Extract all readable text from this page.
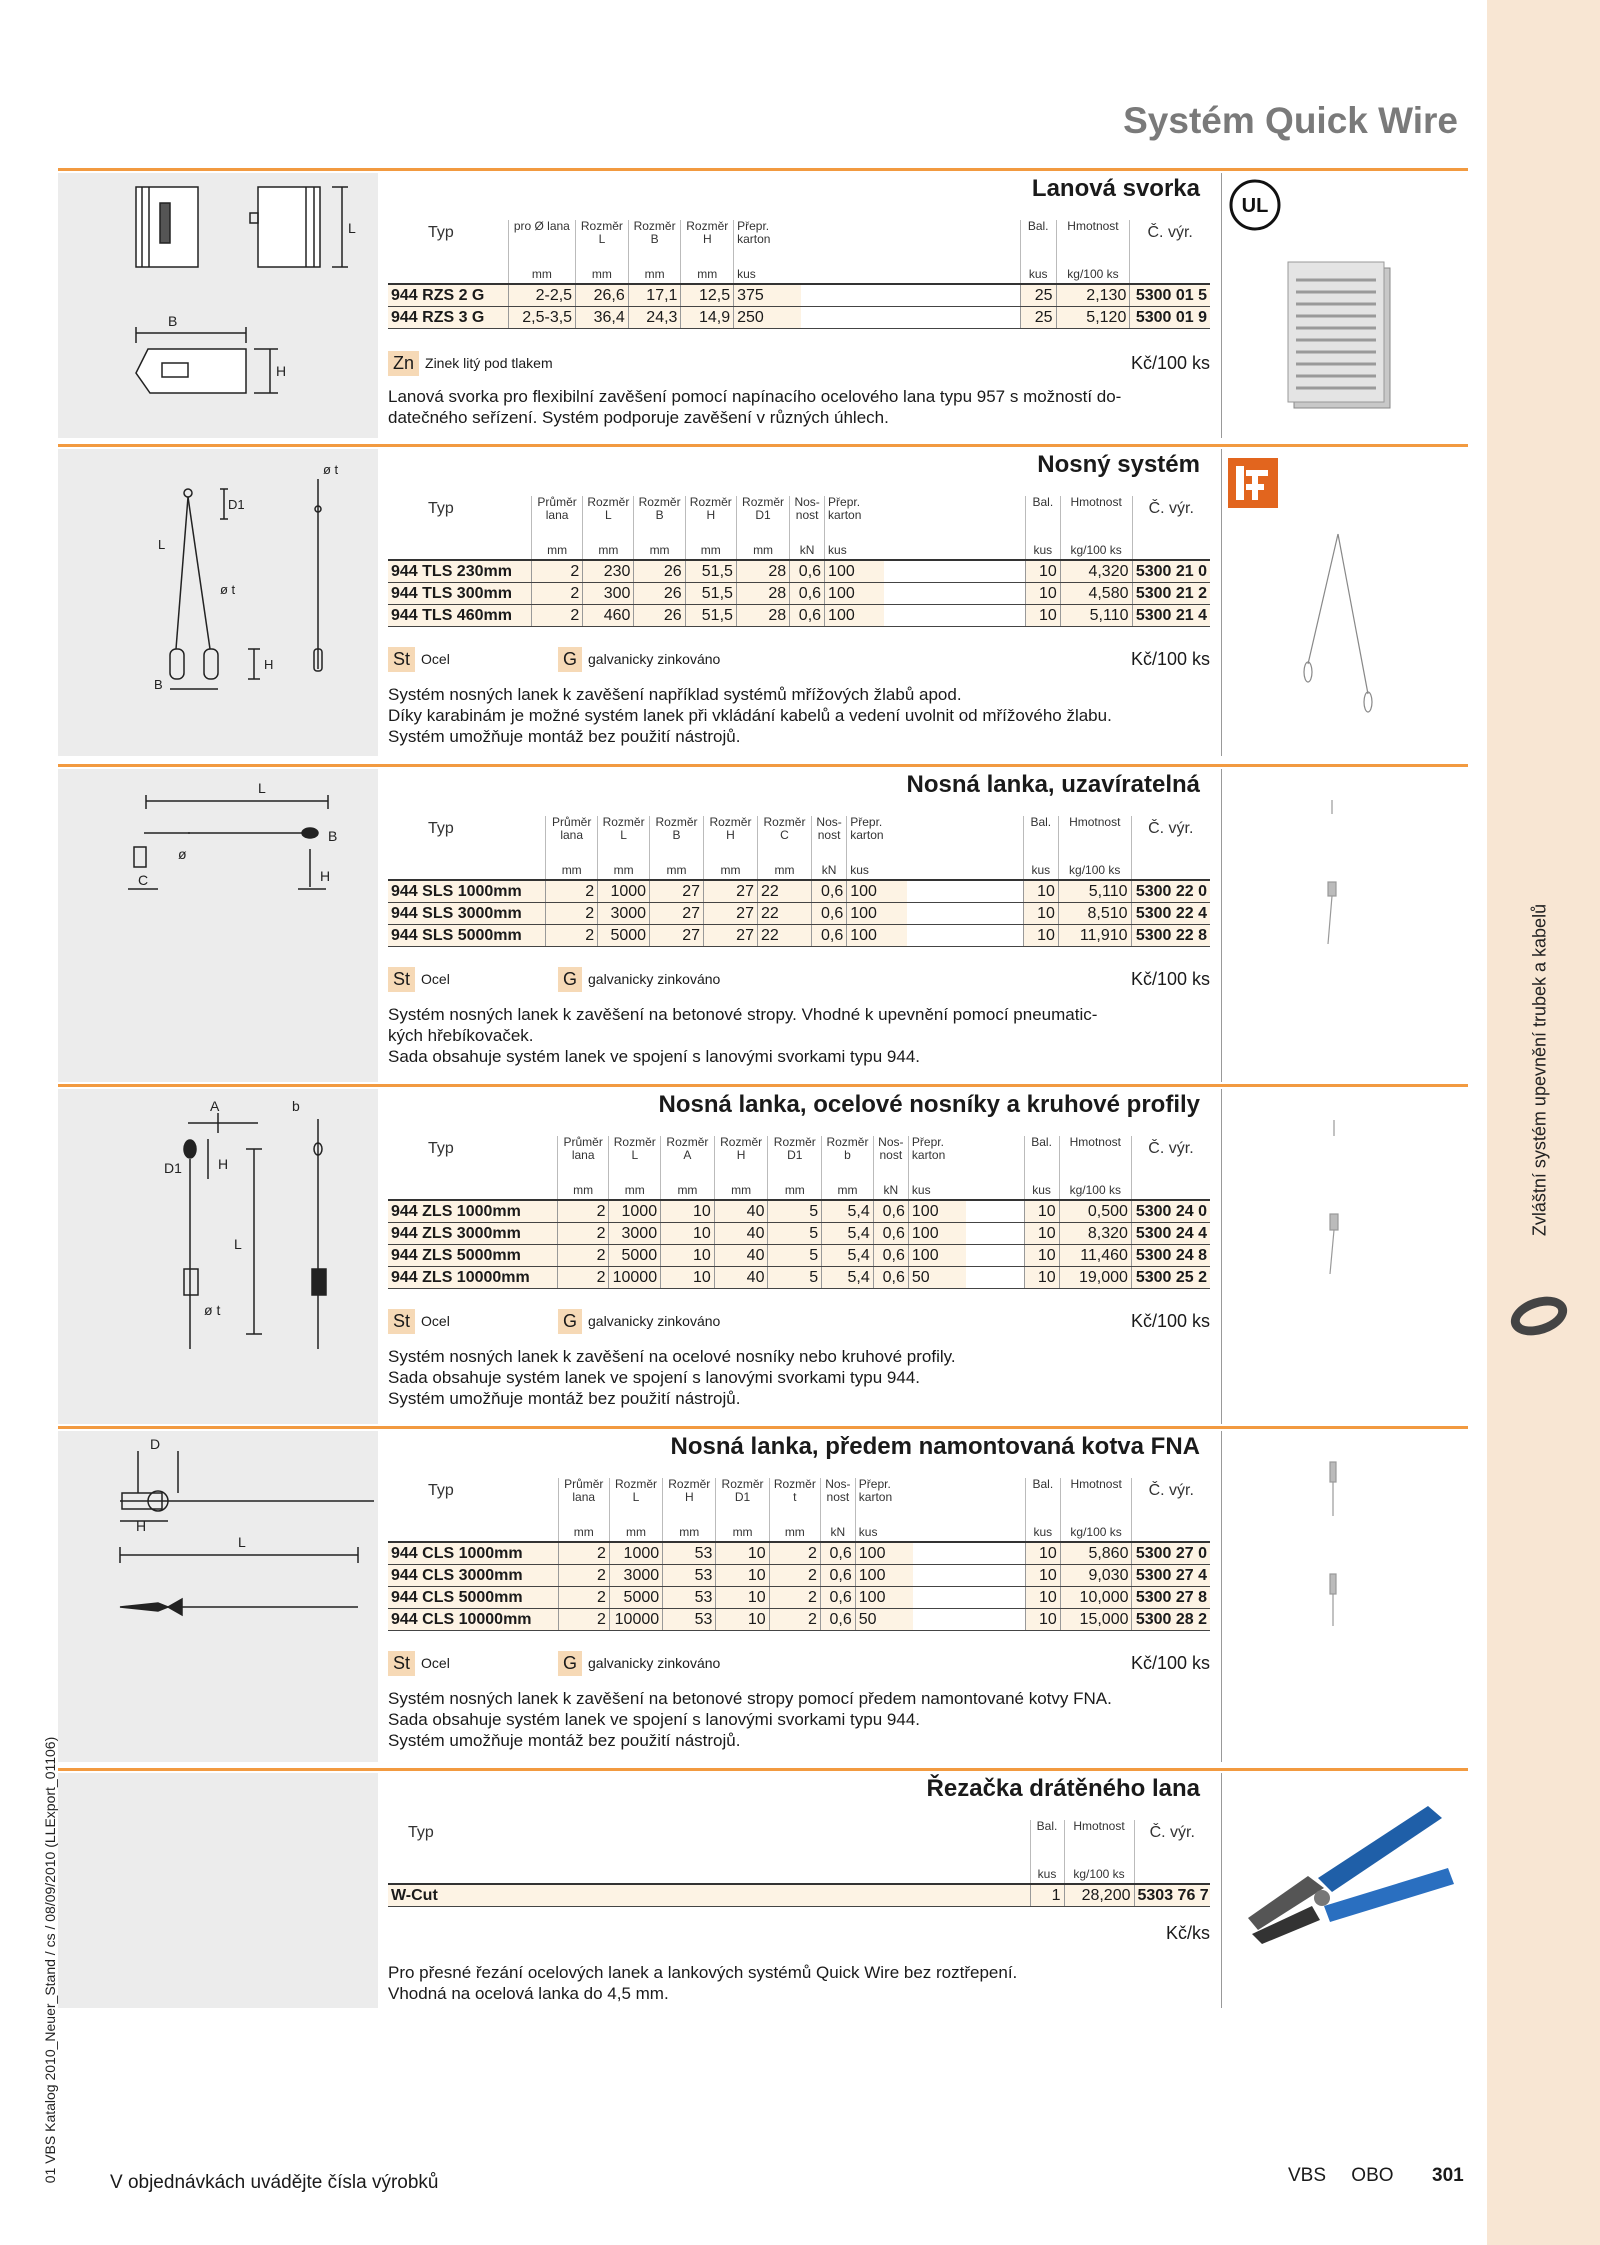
Zvláštní systém upevnění trubek a kabelů
Systém Quick Wire
01 VBS Katalog 2010_Neuer_Stand / cs / 08/09/2010 (LLExport_01106)
L
B
H
Lanová svorka
Typ	pro Ø lana	Rozměr L	Rozměr B	Rozměr H	Přepr. karton		Bal.	Hmotnost	Č. výr.
	mm	mm	mm	mm	kus		kus	kg/100 ks	
944 RZS 2 G	2-2,5	26,6	17,1	12,5	375		25	2,130	5300 01 5
944 RZS 3 G	2,5-3,5	36,4	24,3	14,9	250		25	5,120	5300 01 9
Zn Zinek litý pod tlakem	Kč/100 ks
Lanová svorka pro flexibilní zavěšení pomocí napínacího ocelového lana typu 957 s možností do-
datečného seřízení. Systém podporuje zavěšení v různých úhlech.
UL
L
D1
H
B
ø t
ø t
Nosný systém
Typ	Průměr lana	Rozměr L	Rozměr B	Rozměr H	Rozměr D1	Nos-nost	Přepr. karton		Bal.	Hmotnost	Č. výr.
	mm	mm	mm	mm	mm	kN	kus		kus	kg/100 ks	
944 TLS 230mm	2	230	26	51,5	28	0,6	100		10	4,320	5300 21 0
944 TLS 300mm	2	300	26	51,5	28	0,6	100		10	4,580	5300 21 2
944 TLS 460mm	2	460	26	51,5	28	0,6	100		10	5,110	5300 21 4
St Ocel	G galvanicky zinkováno	Kč/100 ks
Systém nosných lanek k zavěšení například systémů mřížových žlabů apod.
Díky karabinám je možné systém lanek při vkládání kabelů a vedení uvolnit od mřížového žlabu.
Systém umožňuje montáž bez použití nástrojů.
L
ø
C	H
B
Nosná lanka, uzavíratelná
Typ	Průměr lana	Rozměr L	Rozměr B	Rozměr H	Rozměr C	Nos-nost	Přepr. karton		Bal.	Hmotnost	Č. výr.
	mm	mm	mm	mm	mm	kN	kus		kus	kg/100 ks	
944 SLS 1000mm	2	1000	27	27	22	0,6	100		10	5,110	5300 22 0
944 SLS 3000mm	2	3000	27	27	22	0,6	100		10	8,510	5300 22 4
944 SLS 5000mm	2	5000	27	27	22	0,6	100		10	11,910	5300 22 8
St Ocel	G galvanicky zinkováno	Kč/100 ks
Systém nosných lanek k zavěšení na betonové stropy. Vhodné k upevnění pomocí pneumatic-
kých hřebíkovaček.
Sada obsahuje systém lanek ve spojení s lanovými svorkami typu 944.
A	b
D1	H
L
ø t
Nosná lanka, ocelové nosníky a kruhové profily
Typ	Průměr lana	Rozměr L	Rozměr A	Rozměr H	Rozměr D1	Rozměr b	Nos-nost	Přepr. karton		Bal.	Hmotnost	Č. výr.
	mm	mm	mm	mm	mm	mm	kN	kus		kus	kg/100 ks	
944 ZLS 1000mm	2	1000	10	40	5	5,4	0,6	100		10	0,500	5300 24 0
944 ZLS 3000mm	2	3000	10	40	5	5,4	0,6	100		10	8,320	5300 24 4
944 ZLS 5000mm	2	5000	10	40	5	5,4	0,6	100		10	11,460	5300 24 8
944 ZLS 10000mm	2	10000	10	40	5	5,4	0,6	50		10	19,000	5300 25 2
St Ocel	G galvanicky zinkováno	Kč/100 ks
Systém nosných lanek k zavěšení na ocelové nosníky nebo kruhové profily.
Sada obsahuje systém lanek ve spojení s lanovými svorkami typu 944.
Systém umožňuje montáž bez použití nástrojů.
D
H
L
Nosná lanka, předem namontovaná kotva FNA
Typ	Průměr lana	Rozměr L	Rozměr H	Rozměr D1	Rozměr t	Nos-nost	Přepr. karton		Bal.	Hmotnost	Č. výr.
	mm	mm	mm	mm	mm	kN	kus		kus	kg/100 ks	
944 CLS 1000mm	2	1000	53	10	2	0,6	100		10	5,860	5300 27 0
944 CLS 3000mm	2	3000	53	10	2	0,6	100		10	9,030	5300 27 4
944 CLS 5000mm	2	5000	53	10	2	0,6	100		10	10,000	5300 27 8
944 CLS 10000mm	2	10000	53	10	2	0,6	50		10	15,000	5300 28 2
St Ocel	G galvanicky zinkováno	Kč/100 ks
Systém nosných lanek k zavěšení na betonové stropy pomocí předem namontované kotvy FNA.
Sada obsahuje systém lanek ve spojení s lanovými svorkami typu 944.
Systém umožňuje montáž bez použití nástrojů.
Řezačka drátěného lana
Typ	Bal.	Hmotnost	Č. výr.
	kus	kg/100 ks	
W-Cut	1	28,200	5303 76 7
Kč/ks
Pro přesné řezání ocelových lanek a lankových systémů Quick Wire bez roztřepení.
Vhodná na ocelová lanka do 4,5 mm.
V objednávkách uvádějte čísla výrobků	VBS OBO 301
